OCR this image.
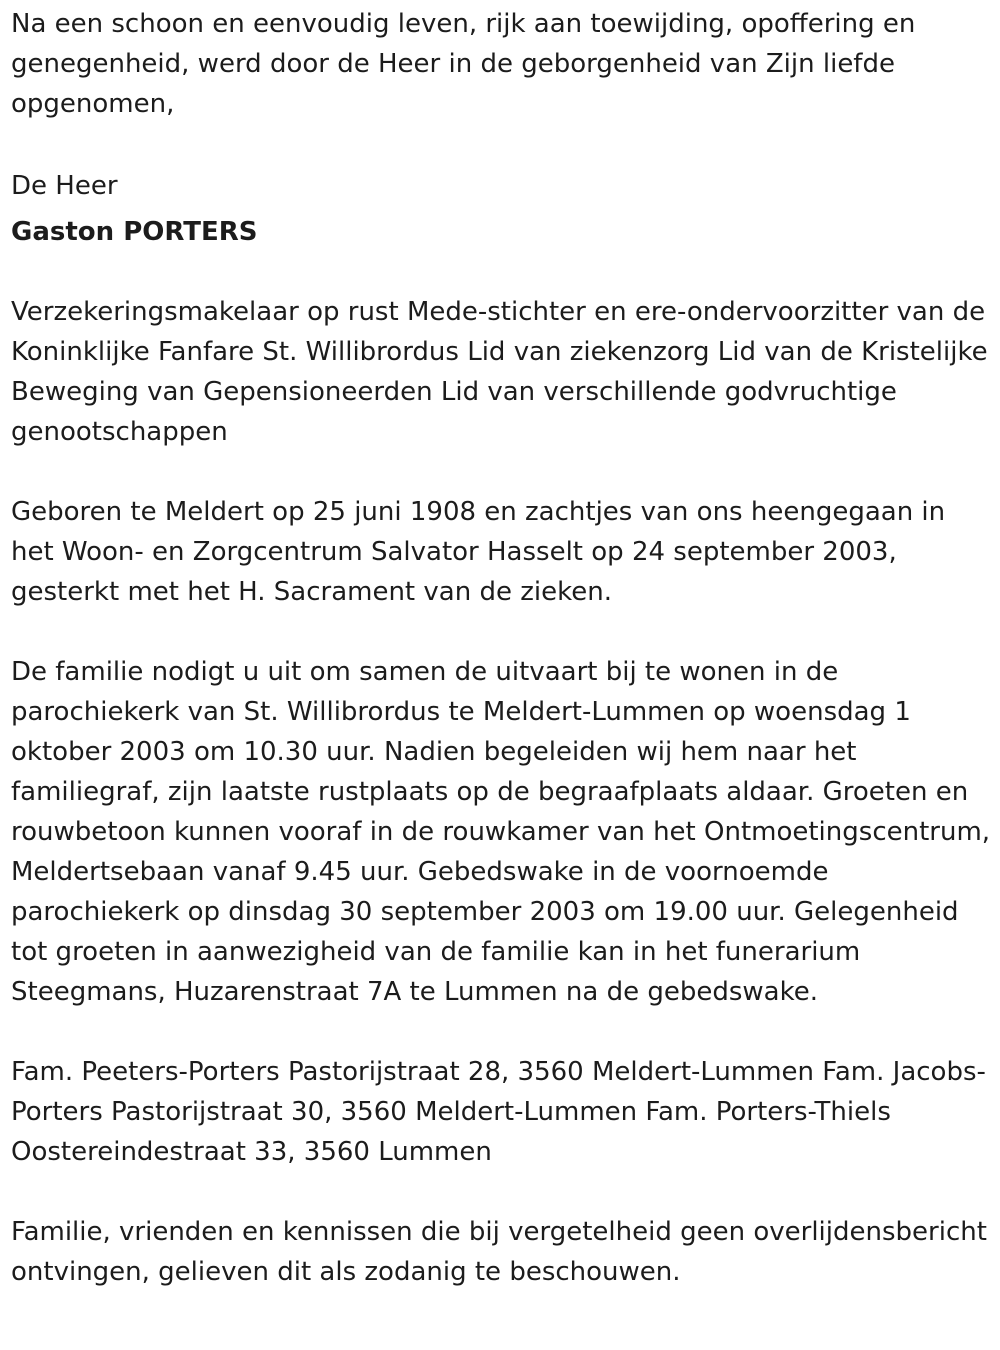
Na een schoon en eenvoudig leven, rijk aan toewijding, opoffering en genegenheid, werd door de Heer in de geborgenheid van Zijn liefde opgenomen,

De Heer

Gaston PORTERS

Verzekeringsmakelaar op rust Mede-stichter en ere-ondervoorzitter van de Koninklijke Fanfare St. Willibrordus Lid van ziekenzorg Lid van de Kristelijke Beweging van Gepensioneerden Lid van verschillende godvruchtige genootschappen

Geboren te Meldert op 25 juni 1908 en zachtjes van ons heengegaan in het Woon- en Zorgcentrum Salvator Hasselt op 24 september 2003, gesterkt met het H. Sacrament van de zieken.

De familie nodigt u uit om samen de uitvaart bij te wonen in de parochiekerk van St. Willibrordus te Meldert-Lummen op woensdag 1 oktober 2003 om 10.30 uur. Nadien begeleiden wij hem naar het familiegraf, zijn laatste rustplaats op de begraafplaats aldaar. Groeten en rouwbetoon kunnen vooraf in de rouwkamer van het Ontmoetingscentrum, Meldertsebaan vanaf 9.45 uur. Gebedswake in de voornoemde parochiekerk op dinsdag 30 september 2003 om 19.00 uur. Gelegenheid tot groeten in aanwezigheid van de familie kan in het funerarium Steegmans, Huzarenstraat 7A te Lummen na de gebedswake.

Fam. Peeters-Porters Pastorijstraat 28, 3560 Meldert-Lummen Fam. Jacobs-Porters Pastorijstraat 30, 3560 Meldert-Lummen Fam. Porters-Thiels Oostereindestraat 33, 3560 Lummen

Familie, vrienden en kennissen die bij vergetelheid geen overlijdensbericht ontvingen, gelieven dit als zodanig te beschouwen.
